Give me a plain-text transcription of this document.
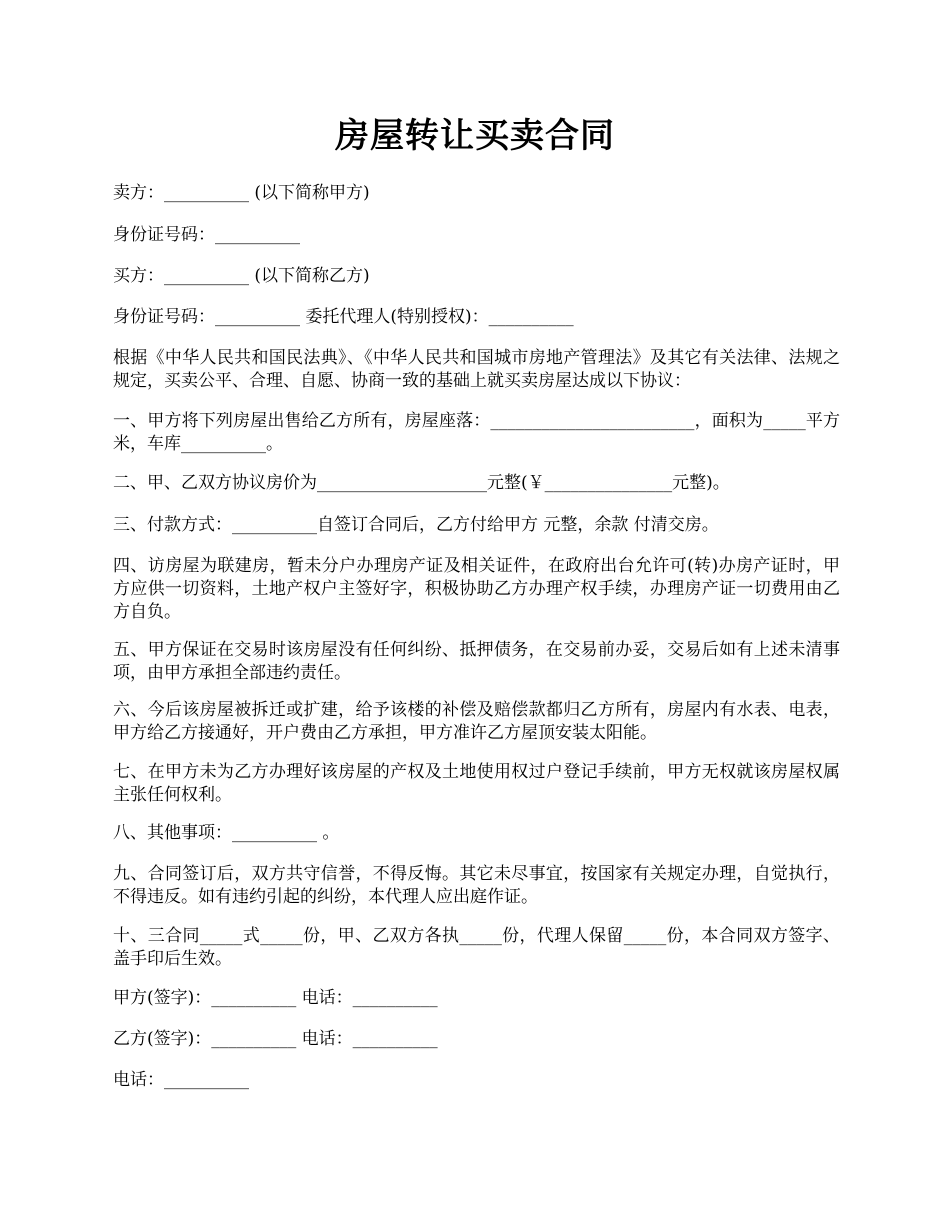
房屋转让买卖合同

卖方：__________ (以下简称甲方)

身份证号码：__________

买方：__________ (以下简称乙方)

身份证号码：__________ 委托代理人(特别授权)：__________

根据《中华人民共和国民法典》、《中华人民共和国城市房地产管理法》及其它有关法律、法规之规定，买卖公平、合理、自愿、协商一致的基础上就买卖房屋达成以下协议：

一、甲方将下列房屋出售给乙方所有，房屋座落：________________________，面积为_____平方米，车库__________。

二、甲、乙双方协议房价为____________________元整(￥_______________元整)。

三、付款方式：__________自签订合同后，乙方付给甲方 元整，余款 付清交房。

四、访房屋为联建房，暂未分户办理房产证及相关证件，在政府出台允许可(转)办房产证时，甲方应供一切资料，土地产权户主签好字，积极协助乙方办理产权手续，办理房产证一切费用由乙方自负。

五、甲方保证在交易时该房屋没有任何纠纷、抵押债务，在交易前办妥，交易后如有上述未清事项，由甲方承担全部违约责任。

六、今后该房屋被拆迁或扩建，给予该楼的补偿及赔偿款都归乙方所有，房屋内有水表、电表，甲方给乙方接通好，开户费由乙方承担，甲方准许乙方屋顶安装太阳能。

七、在甲方未为乙方办理好该房屋的产权及土地使用权过户登记手续前，甲方无权就该房屋权属主张任何权利。

八、其他事项：__________ 。

九、合同签订后，双方共守信誉，不得反悔。其它未尽事宜，按国家有关规定办理，自觉执行，不得违反。如有违约引起的纠纷，本代理人应出庭作证。

十、三合同_____式_____份，甲、乙双方各执_____份，代理人保留_____份，本合同双方签字、盖手印后生效。

甲方(签字)：__________ 电话：__________

乙方(签字)：__________ 电话：__________

电话：__________
